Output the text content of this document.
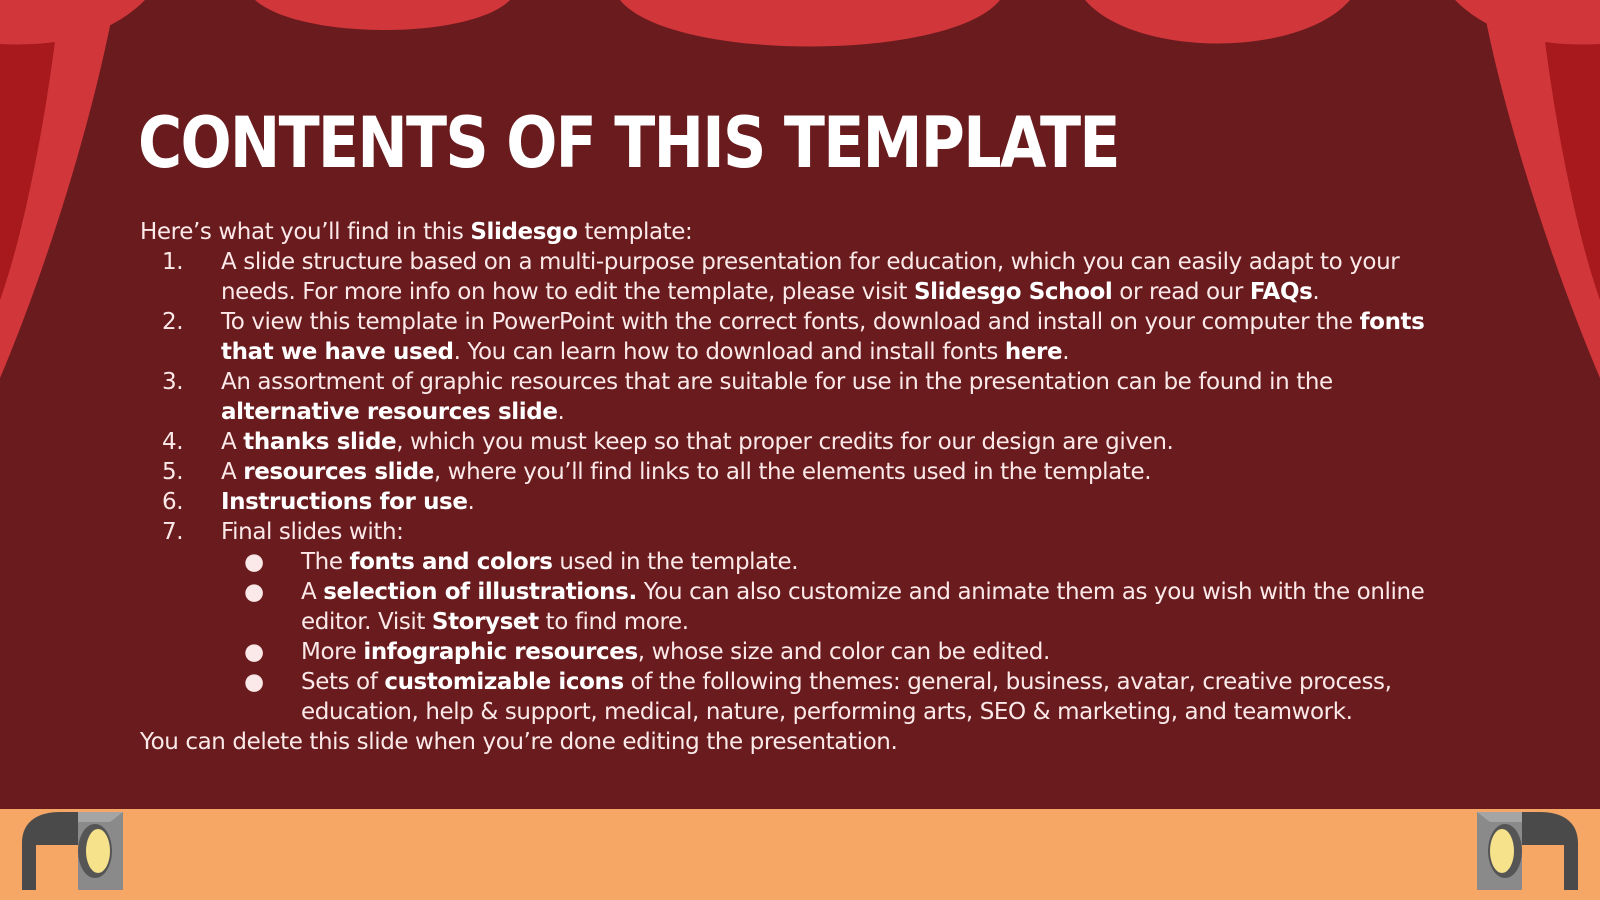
CONTENTS OF THIS TEMPLATE

Here’s what you’ll find in this Slidesgo template:

1. A slide structure based on a multi-purpose presentation for education, which you can easily adapt to your needs. For more info on how to edit the template, please visit Slidesgo School or read our FAQs.
2. To view this template in PowerPoint with the correct fonts, download and install on your computer the fonts that we have used. You can learn how to download and install fonts here.
3. An assortment of graphic resources that are suitable for use in the presentation can be found in the alternative resources slide.
4. A thanks slide, which you must keep so that proper credits for our design are given.
5. A resources slide, where you’ll find links to all the elements used in the template.
6. Instructions for use.
7. Final slides with:
● The fonts and colors used in the template.
● A selection of illustrations. You can also customize and animate them as you wish with the online editor. Visit Storyset to find more.
● More infographic resources, whose size and color can be edited.
● Sets of customizable icons of the following themes: general, business, avatar, creative process, education, help & support, medical, nature, performing arts, SEO & marketing, and teamwork.

You can delete this slide when you’re done editing the presentation.
